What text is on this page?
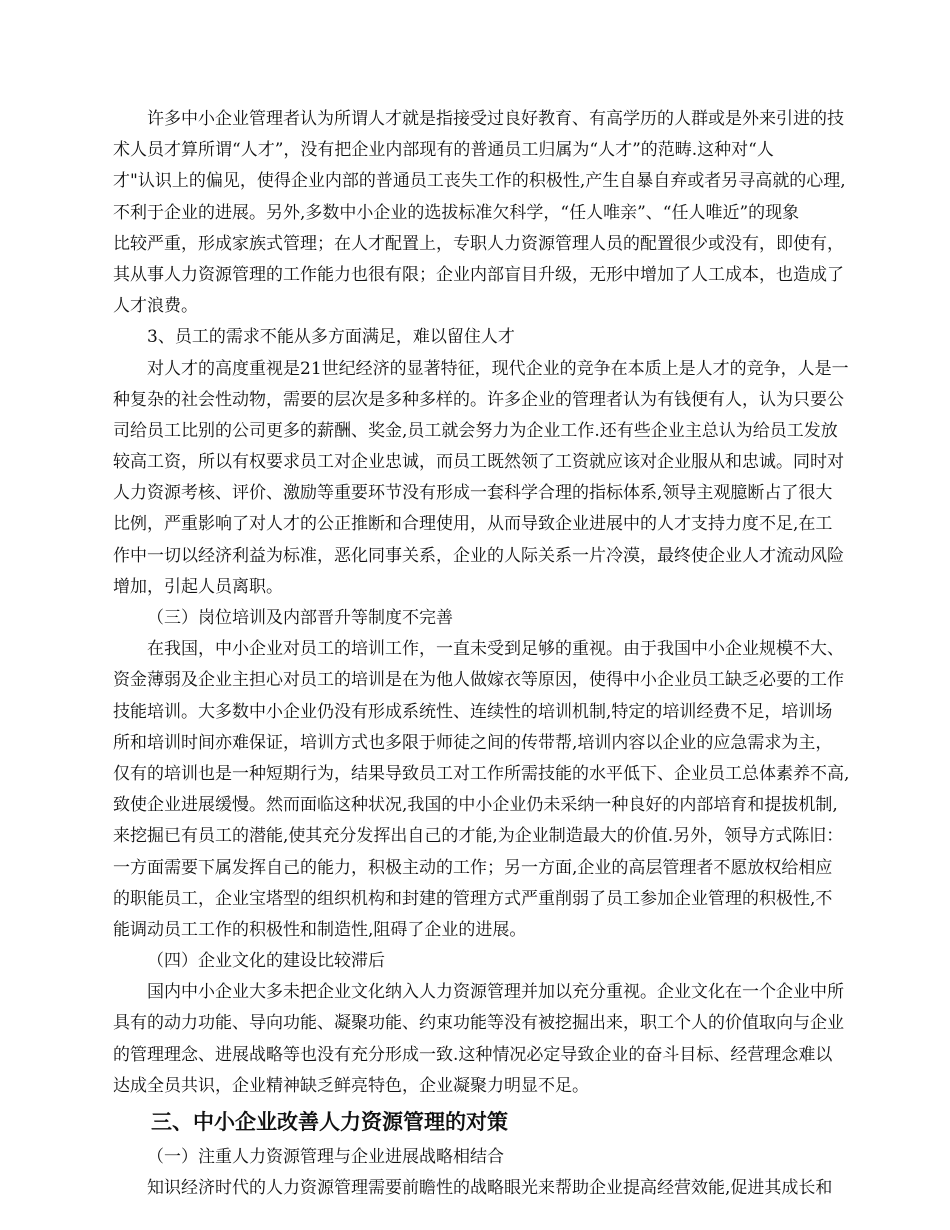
许多中小企业管理者认为所谓人才就是指接受过良好教育、有高学历的人群或是外来引进的技
术人员才算所谓“人才”，没有把企业内部现有的普通员工归属为“人才”的范畴.这种对“人
才"认识上的偏见，使得企业内部的普通员工丧失工作的积极性,产生自暴自弃或者另寻高就的心理,
不利于企业的进展。另外,多数中小企业的选拔标准欠科学，“任人唯亲”、“任人唯近”的现象
比较严重，形成家族式管理；在人才配置上，专职人力资源管理人员的配置很少或没有，即使有，
其从事人力资源管理的工作能力也很有限；企业内部盲目升级，无形中增加了人工成本，也造成了
人才浪费。
3、员工的需求不能从多方面满足，难以留住人才
对人才的高度重视是21世纪经济的显著特征，现代企业的竞争在本质上是人才的竞争，人是一
种复杂的社会性动物，需要的层次是多种多样的。许多企业的管理者认为有钱便有人，认为只要公
司给员工比别的公司更多的薪酬、奖金,员工就会努力为企业工作.还有些企业主总认为给员工发放
较高工资，所以有权要求员工对企业忠诚，而员工既然领了工资就应该对企业服从和忠诚。同时对
人力资源考核、评价、激励等重要环节没有形成一套科学合理的指标体系,领导主观臆断占了很大
比例，严重影响了对人才的公正推断和合理使用，从而导致企业进展中的人才支持力度不足,在工
作中一切以经济利益为标准，恶化同事关系，企业的人际关系一片冷漠，最终使企业人才流动风险
增加，引起人员离职。
（三）岗位培训及内部晋升等制度不完善
在我国，中小企业对员工的培训工作，一直未受到足够的重视。由于我国中小企业规模不大、
资金薄弱及企业主担心对员工的培训是在为他人做嫁衣等原因，使得中小企业员工缺乏必要的工作
技能培训。大多数中小企业仍没有形成系统性、连续性的培训机制,特定的培训经费不足，培训场
所和培训时间亦难保证，培训方式也多限于师徒之间的传带帮,培训内容以企业的应急需求为主，
仅有的培训也是一种短期行为，结果导致员工对工作所需技能的水平低下、企业员工总体素养不高,
致使企业进展缓慢。然而面临这种状况,我国的中小企业仍未采纳一种良好的内部培育和提拔机制,
来挖掘已有员工的潜能,使其充分发挥出自己的才能,为企业制造最大的价值.另外，领导方式陈旧：
一方面需要下属发挥自己的能力，积极主动的工作；另一方面,企业的高层管理者不愿放权给相应
的职能员工，企业宝塔型的组织机构和封建的管理方式严重削弱了员工参加企业管理的积极性,不
能调动员工工作的积极性和制造性,阻碍了企业的进展。
（四）企业文化的建设比较滞后
国内中小企业大多未把企业文化纳入人力资源管理并加以充分重视。企业文化在一个企业中所
具有的动力功能、导向功能、凝聚功能、约束功能等没有被挖掘出来，职工个人的价值取向与企业
的管理理念、进展战略等也没有充分形成一致.这种情况必定导致企业的奋斗目标、经营理念难以
达成全员共识，企业精神缺乏鲜亮特色，企业凝聚力明显不足。
三、中小企业改善人力资源管理的对策
（一）注重人力资源管理与企业进展战略相结合
知识经济时代的人力资源管理需要前瞻性的战略眼光来帮助企业提高经营效能,促进其成长和
